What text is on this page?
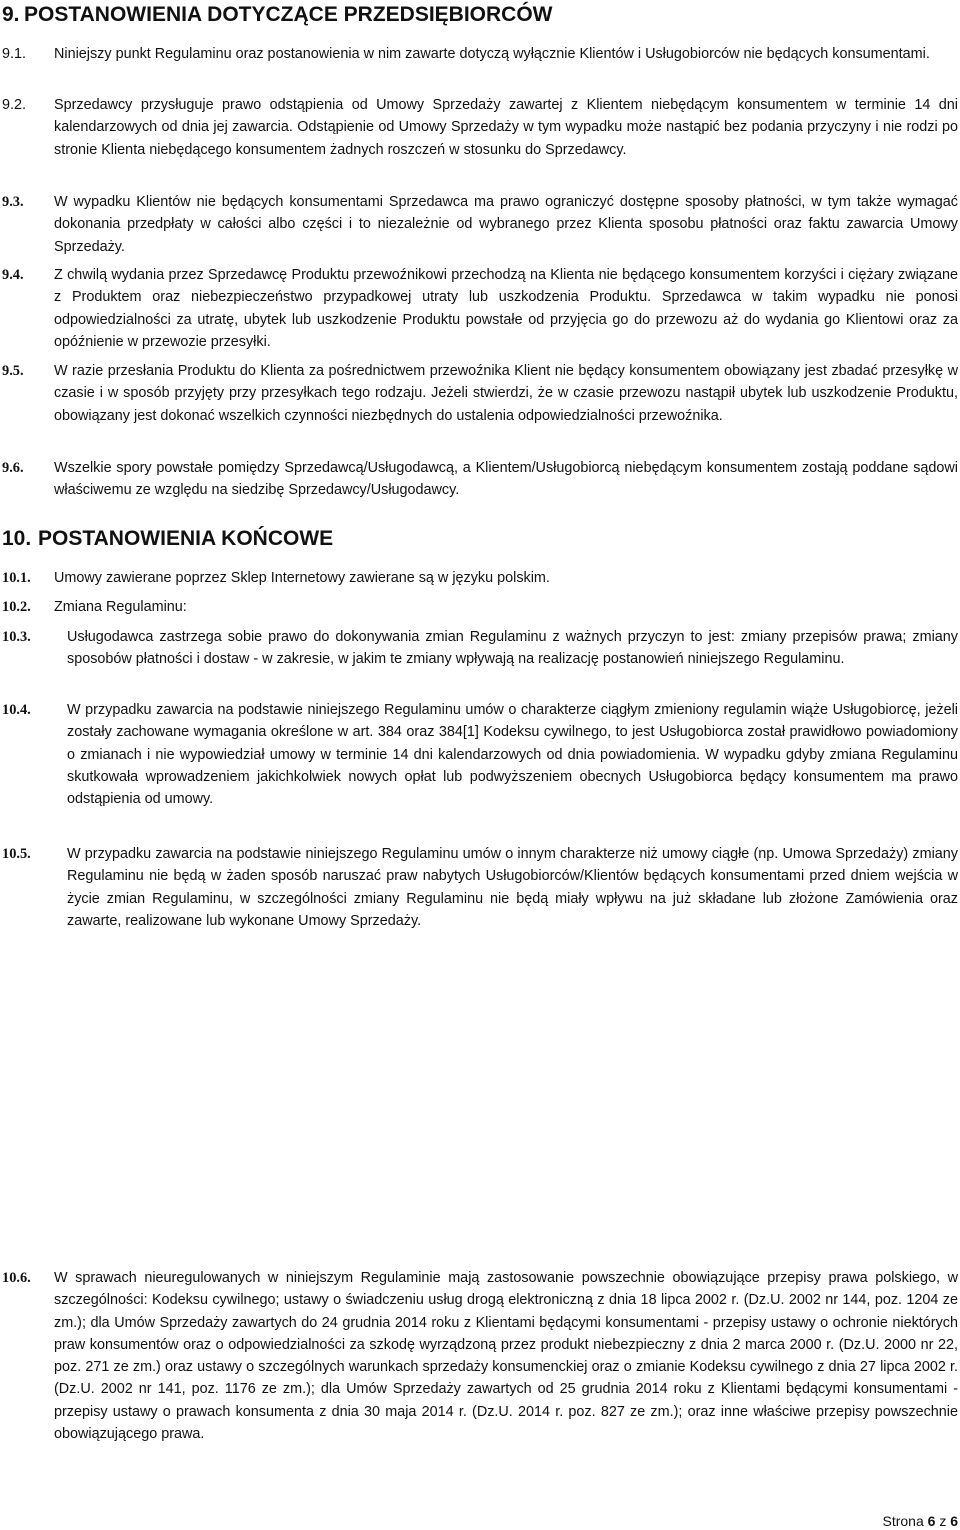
9. POSTANOWIENIA DOTYCZĄCE PRZEDSIĘBIORCÓW
9.1. Niniejszy punkt Regulaminu oraz postanowienia w nim zawarte dotyczą wyłącznie Klientów i Usługobiorców nie będących konsumentami.
9.2. Sprzedawcy przysługuje prawo odstąpienia od Umowy Sprzedaży zawartej z Klientem niebędącym konsumentem w terminie 14 dni kalendarzowych od dnia jej zawarcia. Odstąpienie od Umowy Sprzedaży w tym wypadku może nastąpić bez podania przyczyny i nie rodzi po stronie Klienta niebędącego konsumentem żadnych roszczeń w stosunku do Sprzedawcy.
9.3. W wypadku Klientów nie będących konsumentami Sprzedawca ma prawo ograniczyć dostępne sposoby płatności, w tym także wymagać dokonania przedpłaty w całości albo części i to niezależnie od wybranego przez Klienta sposobu płatności oraz faktu zawarcia Umowy Sprzedaży.
9.4. Z chwilą wydania przez Sprzedawcę Produktu przewoźnikowi przechodzą na Klienta nie będącego konsumentem korzyści i ciężary związane z Produktem oraz niebezpieczeństwo przypadkowej utraty lub uszkodzenia Produktu. Sprzedawca w takim wypadku nie ponosi odpowiedzialności za utratę, ubytek lub uszkodzenie Produktu powstałe od przyjęcia go do przewozu aż do wydania go Klientowi oraz za opóźnienie w przewozie przesyłki.
9.5. W razie przesłania Produktu do Klienta za pośrednictwem przewoźnika Klient nie będący konsumentem obowiązany jest zbadać przesyłkę w czasie i w sposób przyjęty przy przesyłkach tego rodzaju. Jeżeli stwierdzi, że w czasie przewozu nastąpił ubytek lub uszkodzenie Produktu, obowiązany jest dokonać wszelkich czynności niezbędnych do ustalenia odpowiedzialności przewoźnika.
9.6. Wszelkie spory powstałe pomiędzy Sprzedawcą/Usługodawcą, a Klientem/Usługobiorcą niebędącym konsumentem zostają poddane sądowi właściwemu ze względu na siedzibę Sprzedawcy/Usługodawcy.
10. POSTANOWIENIA KOŃCOWE
10.1. Umowy zawierane poprzez Sklep Internetowy zawierane są w języku polskim.
10.2. Zmiana Regulaminu:
10.3.	Usługodawca zastrzega sobie prawo do dokonywania zmian Regulaminu z ważnych przyczyn to jest: zmiany przepisów prawa; zmiany sposobów płatności i dostaw - w zakresie, w jakim te zmiany wpływają na realizację postanowień niniejszego Regulaminu.
10.4.	W przypadku zawarcia na podstawie niniejszego Regulaminu umów o charakterze ciągłym zmieniony regulamin wiąże Usługobiorcę, jeżeli zostały zachowane wymagania określone w art. 384 oraz 384[1] Kodeksu cywilnego, to jest Usługobiorca został prawidłowo powiadomiony o zmianach i nie wypowiedział umowy w terminie 14 dni kalendarzowych od dnia powiadomienia. W wypadku gdyby zmiana Regulaminu skutkowała wprowadzeniem jakichkolwiek nowych opłat lub podwyższeniem obecnych Usługobiorca będący konsumentem ma prawo odstąpienia od umowy.
10.5.	W przypadku zawarcia na podstawie niniejszego Regulaminu umów o innym charakterze niż umowy ciągłe (np. Umowa Sprzedaży) zmiany Regulaminu nie będą w żaden sposób naruszać praw nabytych Usługobiorców/Klientów będących konsumentami przed dniem wejścia w życie zmian Regulaminu, w szczególności zmiany Regulaminu nie będą miały wpływu na już składane lub złożone Zamówienia oraz zawarte, realizowane lub wykonane Umowy Sprzedaży.
10.6. W sprawach nieuregulowanych w niniejszym Regulaminie mają zastosowanie powszechnie obowiązujące przepisy prawa polskiego, w szczególności: Kodeksu cywilnego; ustawy o świadczeniu usług drogą elektroniczną z dnia 18 lipca 2002 r. (Dz.U. 2002 nr 144, poz. 1204 ze zm.); dla Umów Sprzedaży zawartych do 24 grudnia 2014 roku z Klientami będącymi konsumentami - przepisy ustawy o ochronie niektórych praw konsumentów oraz o odpowiedzialności za szkodę wyrządzoną przez produkt niebezpieczny z dnia 2 marca 2000 r. (Dz.U. 2000 nr 22, poz. 271 ze zm.) oraz ustawy o szczególnych warunkach sprzedaży konsumenckiej oraz o zmianie Kodeksu cywilnego z dnia 27 lipca 2002 r. (Dz.U. 2002 nr 141, poz. 1176 ze zm.); dla Umów Sprzedaży zawartych od 25 grudnia 2014 roku z Klientami będącymi konsumentami - przepisy ustawy o prawach konsumenta z dnia 30 maja 2014 r. (Dz.U. 2014 r. poz. 827 ze zm.); oraz inne właściwe przepisy powszechnie obowiązującego prawa.
Strona 6 z 6
